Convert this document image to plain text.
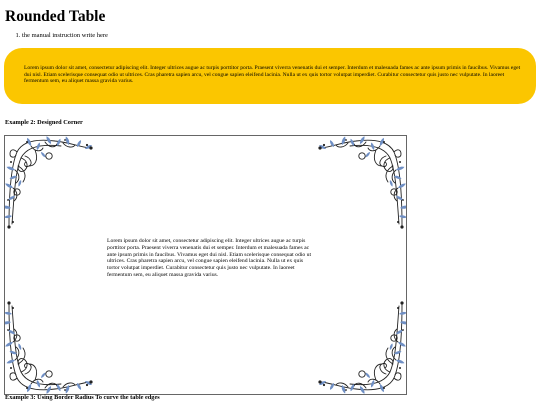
Rounded Table
1. the manual instruction write here
Lorem ipsum dolor sit amet, consectetur adipiscing elit. Integer ultrices augue ac turpis porttitor porta. Praesent viverra venenatis dui et semper. Interdum et malesuada fames ac ante ipsum primis in faucibus. Vivamus eget dui nisl. Etiam scelerisque consequat odio ut ultrices. Cras pharetra sapien arcu, vel congue sapien eleifend lacinia. Nulla ut ex quis tortor volutpat imperdiet. Curabitur consectetur quis justo nec vulputate. In laoreet fermentum sem, eu aliquet massa gravida varius.

Example 2: Designed Corner

Lorem ipsum dolor sit amet, consectetur adipiscing elit. Integer ultrices augue ac turpis porttitor porta. Praesent viverra venenatis dui et semper. Interdum et malesuada fames ac ante ipsum primis in faucibus. Vivamus eget dui nisl. Etiam scelerisque consequat odio ut ultrices. Cras pharetra sapien arcu, vel congue sapien eleifend lacinia. Nulla ut ex quis tortor volutpat imperdiet. Curabitur consectetur quis justo nec vulputate. In laoreet fermentum sem, eu aliquet massa gravida varius.

Example 3: Using Border Radius To curve the table edges
